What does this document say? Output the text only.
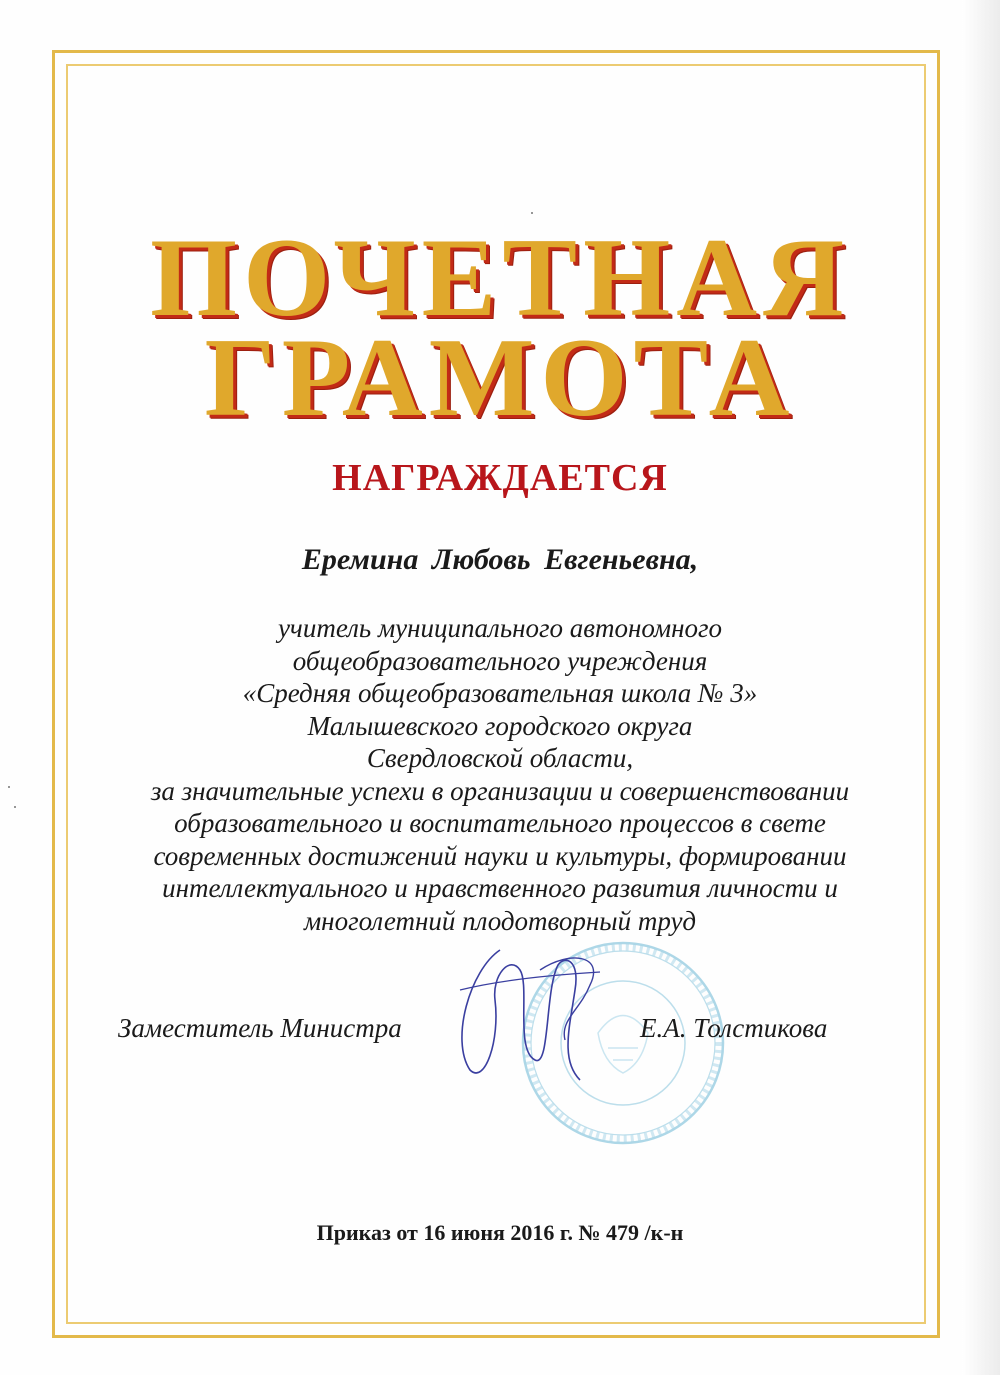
ПОЧЕТНАЯ
ГРАМОТА
НАГРАЖДАЕТСЯ
Еремина Любовь Евгеньевна,
учитель муниципального автономного
общеобразовательного учреждения
«Средняя общеобразовательная школа № 3»
Малышевского городского округа
Свердловской области,
за значительные успехи в организации и совершенствовании
образовательного и воспитательного процессов в свете
современных достижений науки и культуры, формировании
интеллектуального и нравственного развития личности и
многолетний плодотворный труд
Заместитель Министра	Е.А. Толстикова
Приказ от 16 июня 2016 г. № 479 /к-н
